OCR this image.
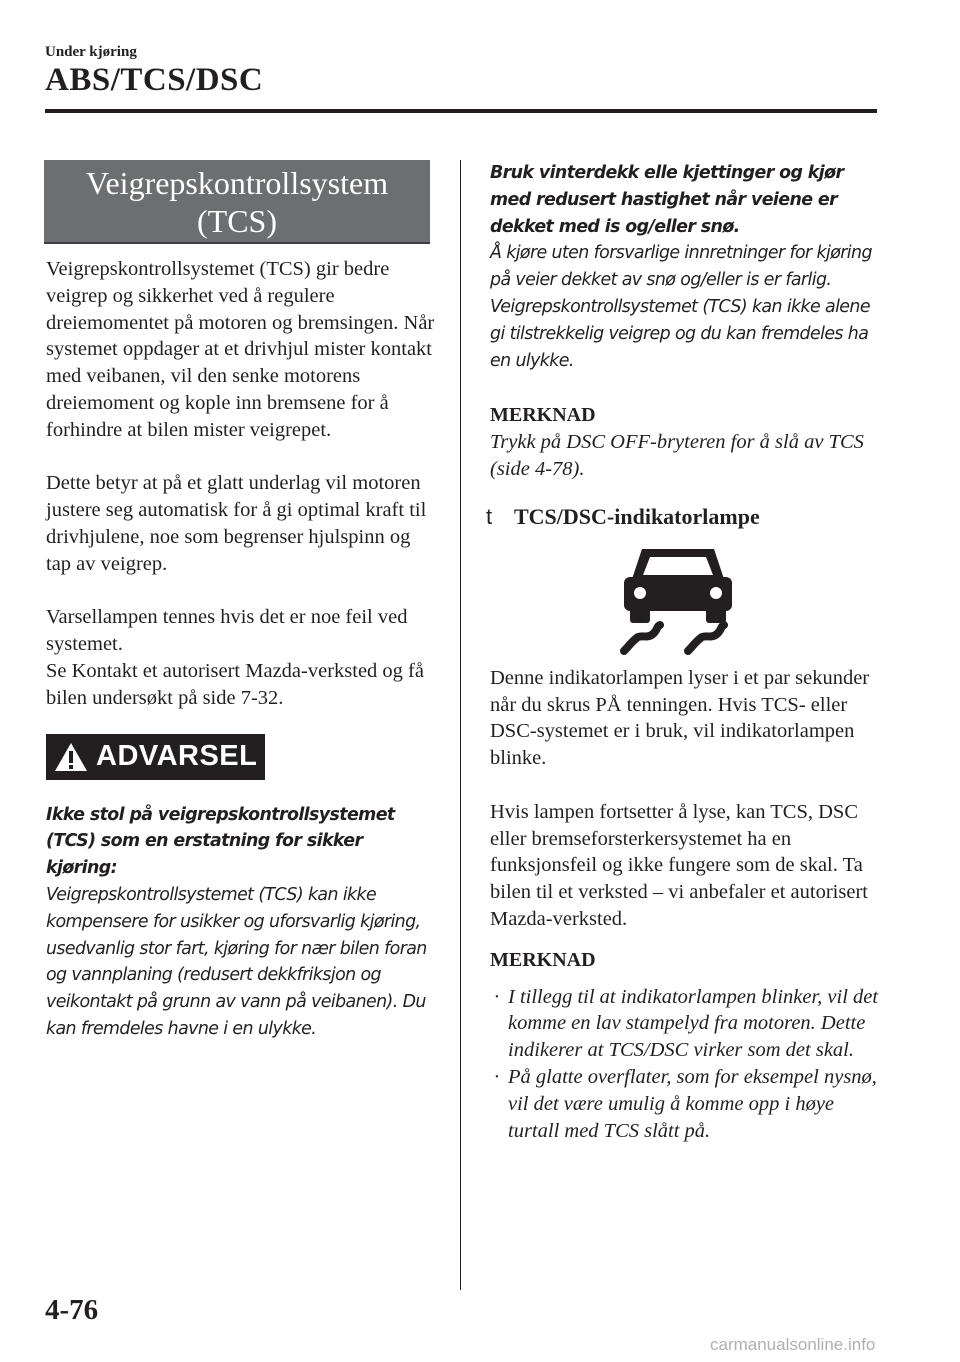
Under kjøring
ABS/TCS/DSC
Veigrepskontrollsystem
(TCS)

Veigrepskontrollsystemet (TCS) gir bedre veigrep og sikkerhet ved å regulere dreiemomentet på motoren og bremsingen. Når systemet oppdager at et drivhjul mister kontakt med veibanen, vil den senke motorens dreiemoment og kople inn bremsene for å forhindre at bilen mister veigrepet.

Dette betyr at på et glatt underlag vil motoren justere seg automatisk for å gi optimal kraft til drivhjulene, noe som begrenser hjulspinn og tap av veigrep.

Varsellampen tennes hvis det er noe feil ved systemet.

Se Kontakt et autorisert Mazda-verksted og få bilen undersøkt på side 7-32.

ADVARSEL
Ikke stol på veigrepskontrollsystemet (TCS) som en erstatning for sikker kjøring:
Veigrepskontrollsystemet (TCS) kan ikke kompensere for usikker og uforsvarlig kjøring, usedvanlig stor fart, kjøring for nær bilen foran og vannplaning (redusert dekkfriksjon og veikontakt på grunn av vann på veibanen). Du kan fremdeles havne i en ulykke.
Bruk vinterdekk elle kjettinger og kjør med redusert hastighet når veiene er dekket med is og/eller snø.
Å kjøre uten forsvarlige innretninger for kjøring på veier dekket av snø og/eller is er farlig. Veigrepskontrollsystemet (TCS) kan ikke alene gi tilstrekkelig veigrep og du kan fremdeles ha en ulykke.
MERKNAD
Trykk på DSC OFF-bryteren for å slå av TCS (side 4-78).
t TCS/DSC-indikatorlampe

Denne indikatorlampen lyser i et par sekunder når du skrus PÅ tenningen. Hvis TCS- eller DSC-systemet er i bruk, vil indikatorlampen blinke.

Hvis lampen fortsetter å lyse, kan TCS, DSC eller bremseforsterkersystemet ha en funksjonsfeil og ikke fungere som de skal. Ta bilen til et verksted – vi anbefaler et autorisert Mazda-verksted.

MERKNAD
· I tillegg til at indikatorlampen blinker, vil det komme en lav stampelyd fra motoren. Dette indikerer at TCS/DSC virker som det skal.
· På glatte overflater, som for eksempel nysnø, vil det være umulig å komme opp i høye turtall med TCS slått på.
4-76
carmanualsonline.info
